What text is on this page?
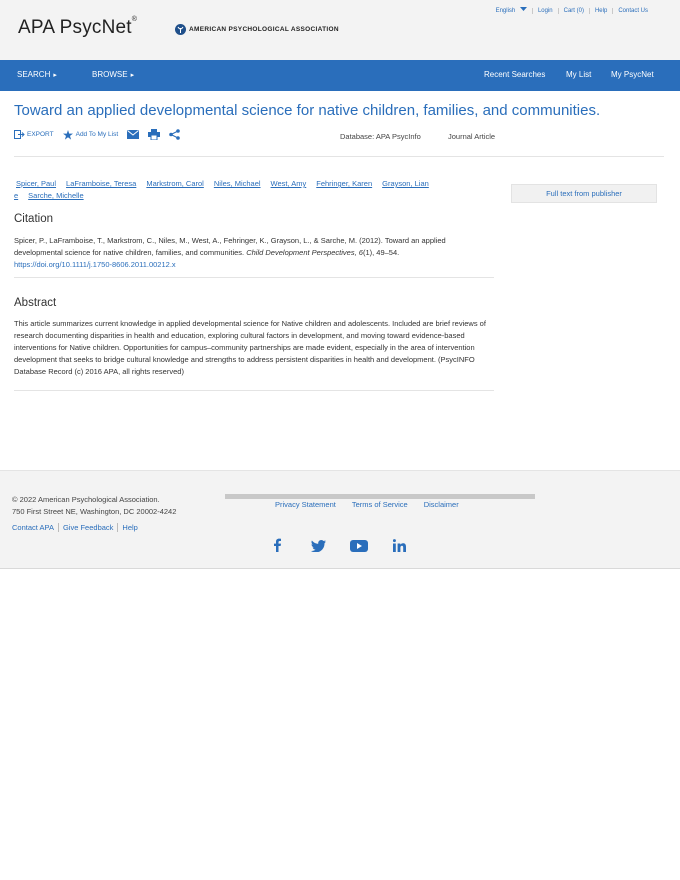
English	Login	Cart (0)	Help	Contact Us
APA PsycNet®
AMERICAN PSYCHOLOGICAL ASSOCIATION
SEARCH ▸	BROWSE ▸	Recent Searches	My List My PsycNet
Toward an applied developmental science for native children, families, and communities.
EXPORT	Add To My List	Database: APA PsycInfo	Journal Article
Spicer, Paul LaFramboise, Teresa Markstrom, Carol Niles, Michael West, Amy Fehringer, Karen Grayson, Lian
e Sarche, Michelle	Full text from publisher
Citation
Spicer, P., LaFramboise, T., Markstrom, C., Niles, M., West, A., Fehringer, K., Grayson, L., & Sarche, M. (2012). Toward an applied developmental science for native children, families, and communities. Child Development Perspectives, 6(1), 49–54.
https://doi.org/10.1111/j.1750-8606.2011.00212.x
Abstract
This article summarizes current knowledge in applied developmental science for Native children and adolescents. Included are brief reviews of research documenting disparities in health and education, exploring cultural factors in development, and moving toward evidence-based interventions for Native children. Opportunities for campus–community partnerships are made evident, especially in the area of intervention development that seeks to bridge cultural knowledge and strengths to address persistent disparities in health and development. (PsycINFO Database Record (c) 2016 APA, all rights reserved)
© 2022 American Psychological Association.
750 First Street NE, Washington, DC 20002-4242
Contact APA	Give Feedback	Help
Privacy Statement Terms of Service Disclaimer
